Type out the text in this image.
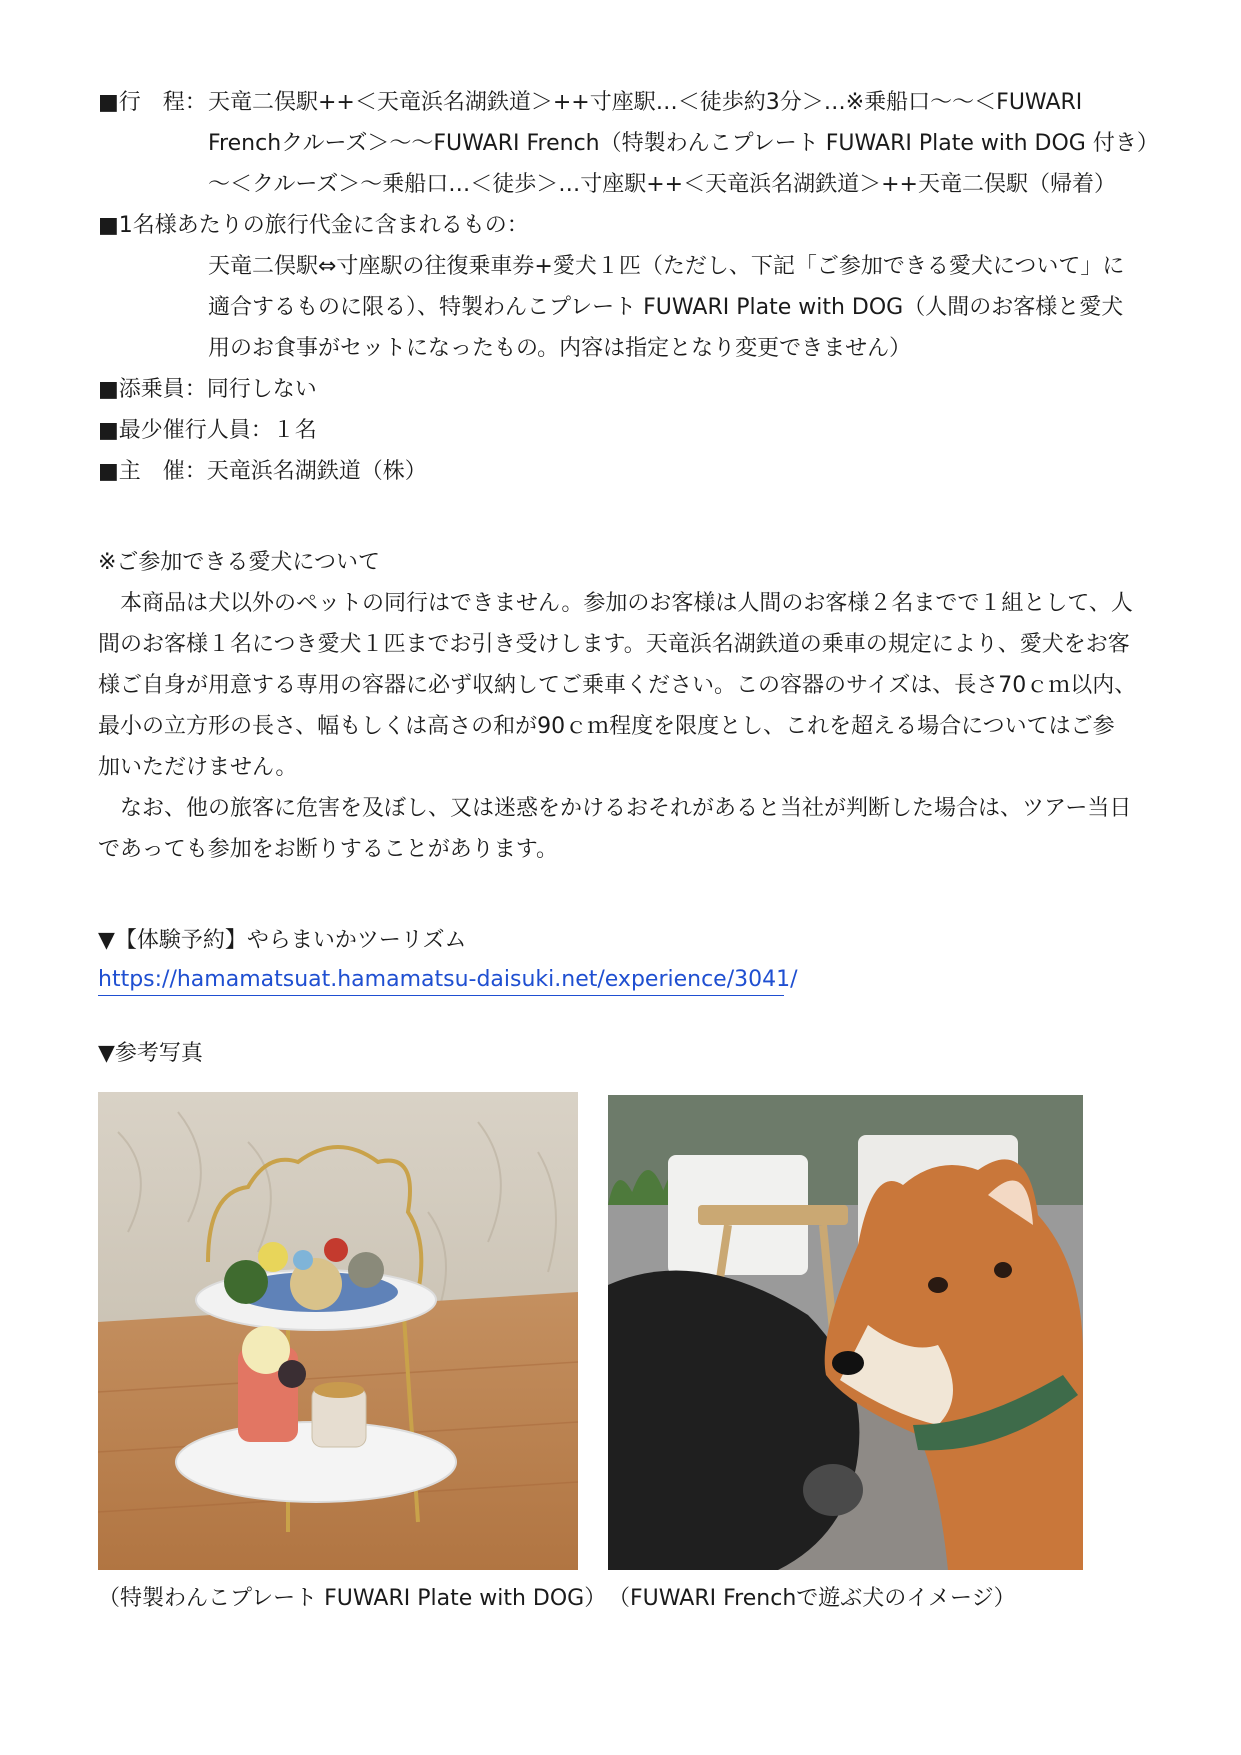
■行　程： 天竜二俣駅++＜天竜浜名湖鉄道＞++寸座駅…＜徒歩約3分＞…※乗船口～～＜FUWARI
Frenchクルーズ＞～～FUWARI French（特製わんこプレート FUWARI Plate with DOG 付き）
～＜クルーズ＞～乗船口…＜徒歩＞…寸座駅++＜天竜浜名湖鉄道＞++天竜二俣駅（帰着）
■1名様あたりの旅行代金に含まれるもの：
天竜二俣駅⇔寸座駅の往復乗車券+愛犬１匹（ただし、下記「ご参加できる愛犬について」に
適合するものに限る）、特製わんこプレート FUWARI Plate with DOG（人間のお客様と愛犬
用のお食事がセットになったもの。内容は指定となり変更できません）
■添乗員：同行しない
■最少催行人員：１名
■主　催：天竜浜名湖鉄道（株）
※ご参加できる愛犬について
　本商品は犬以外のペットの同行はできません。参加のお客様は人間のお客様２名までで１組として、人
間のお客様１名につき愛犬１匹までお引き受けします。天竜浜名湖鉄道の乗車の規定により、愛犬をお客
様ご自身が用意する専用の容器に必ず収納してご乗車ください。この容器のサイズは、長さ70ｃｍ以内、
最小の立方形の長さ、幅もしくは高さの和が90ｃｍ程度を限度とし、これを超える場合についてはご参
加いただけません。
　なお、他の旅客に危害を及ぼし、又は迷惑をかけるおそれがあると当社が判断した場合は、ツアー当日
であっても参加をお断りすることがあります。
▼【体験予約】やらまいかツーリズム
https://hamamatsuat.hamamatsu-daisuki.net/experience/3041/
▼参考写真
（特製わんこプレート FUWARI Plate with DOG） （FUWARI Frenchで遊ぶ犬のイメージ）
